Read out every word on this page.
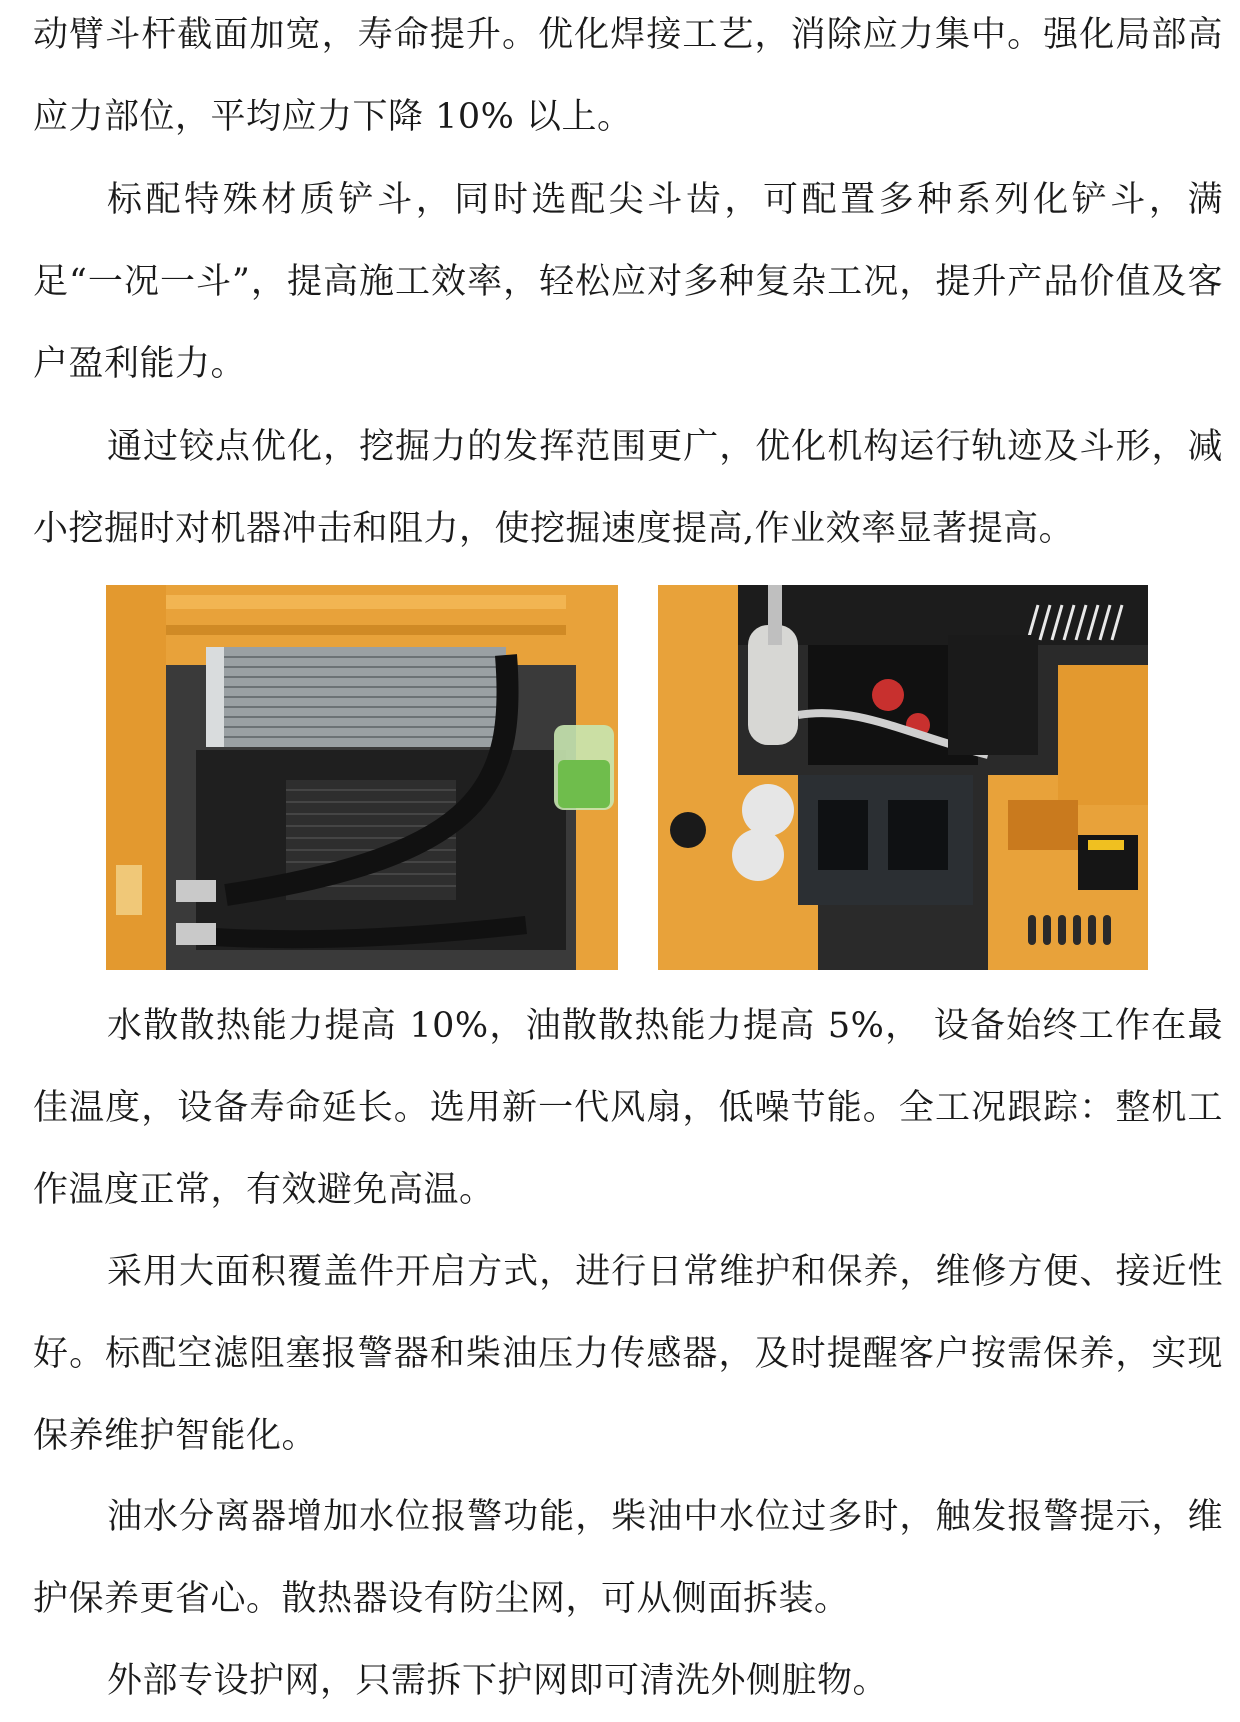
动臂斗杆截面加宽，寿命提升。优化焊接工艺，消除应力集中。强化局部高应力部位，平均应力下降 10% 以上。

标配特殊材质铲斗，同时选配尖斗齿，可配置多种系列化铲斗，满足“一况一斗”，提高施工效率，轻松应对多种复杂工况，提升产品价值及客户盈利能力。

通过铰点优化，挖掘力的发挥范围更广，优化机构运行轨迹及斗形，减小挖掘时对机器冲击和阻力，使挖掘速度提高,作业效率显著提高。

水散散热能力提高 10%，油散散热能力提高 5%， 设备始终工作在最佳温度，设备寿命延长。选用新一代风扇，低噪节能。全工况跟踪：整机工作温度正常，有效避免高温。

采用大面积覆盖件开启方式，进行日常维护和保养，维修方便、接近性好。标配空滤阻塞报警器和柴油压力传感器，及时提醒客户按需保养，实现保养维护智能化。

油水分离器增加水位报警功能，柴油中水位过多时，触发报警提示，维护保养更省心。散热器设有防尘网，可从侧面拆装。

外部专设护网，只需拆下护网即可清洗外侧脏物。
